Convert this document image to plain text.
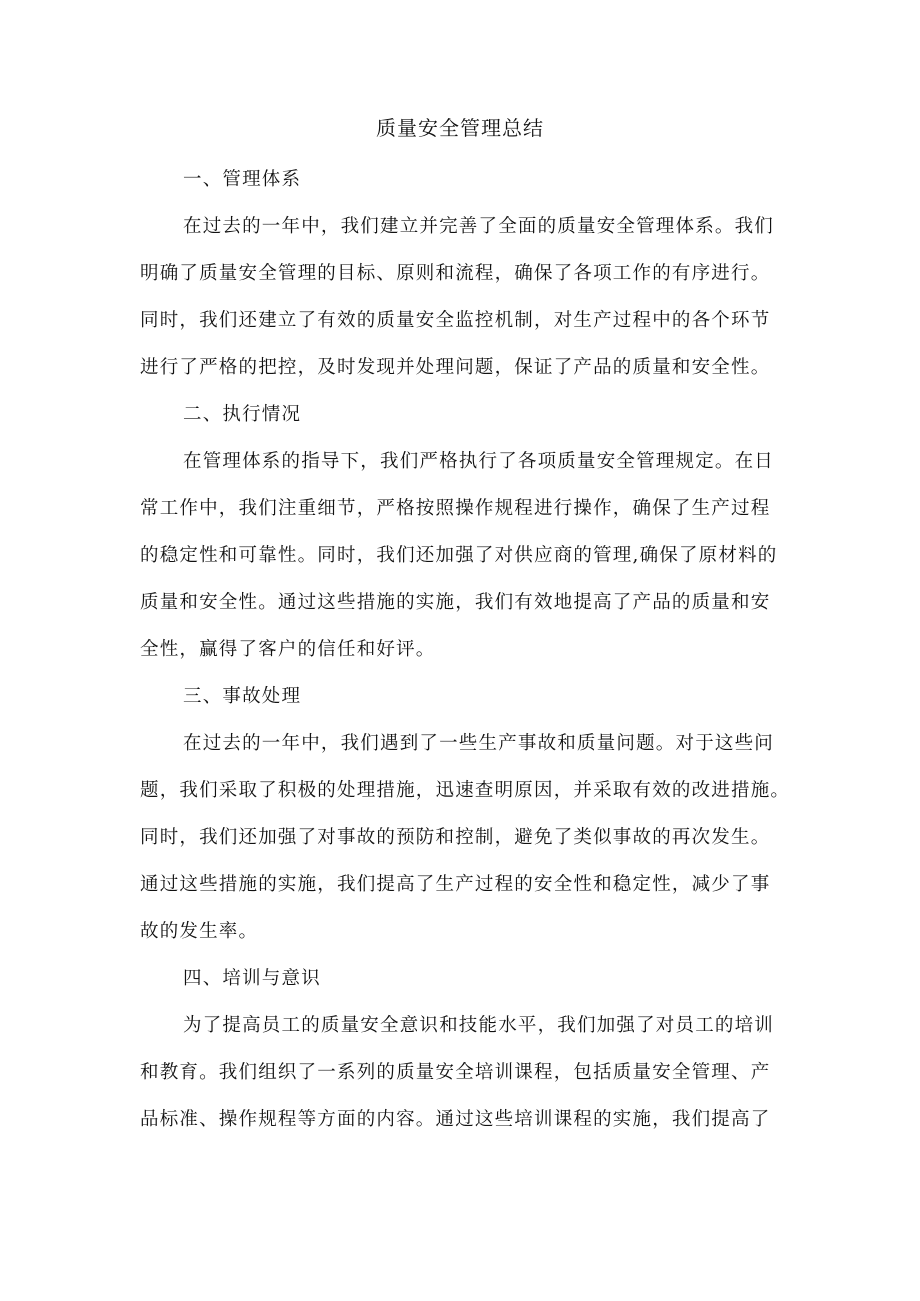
质量安全管理总结
一、管理体系
在过去的一年中，我们建立并完善了全面的质量安全管理体系。我们
明确了质量安全管理的目标、原则和流程，确保了各项工作的有序进行。
同时，我们还建立了有效的质量安全监控机制，对生产过程中的各个环节
进行了严格的把控，及时发现并处理问题，保证了产品的质量和安全性。
二、执行情况
在管理体系的指导下，我们严格执行了各项质量安全管理规定。在日
常工作中，我们注重细节，严格按照操作规程进行操作，确保了生产过程
的稳定性和可靠性。同时，我们还加强了对供应商的管理,确保了原材料的
质量和安全性。通过这些措施的实施，我们有效地提高了产品的质量和安
全性，赢得了客户的信任和好评。
三、事故处理
在过去的一年中，我们遇到了一些生产事故和质量问题。对于这些问
题，我们采取了积极的处理措施，迅速查明原因，并采取有效的改进措施。
同时，我们还加强了对事故的预防和控制，避免了类似事故的再次发生。
通过这些措施的实施，我们提高了生产过程的安全性和稳定性，减少了事
故的发生率。
四、培训与意识
为了提高员工的质量安全意识和技能水平，我们加强了对员工的培训
和教育。我们组织了一系列的质量安全培训课程，包括质量安全管理、产
品标准、操作规程等方面的内容。通过这些培训课程的实施，我们提高了
